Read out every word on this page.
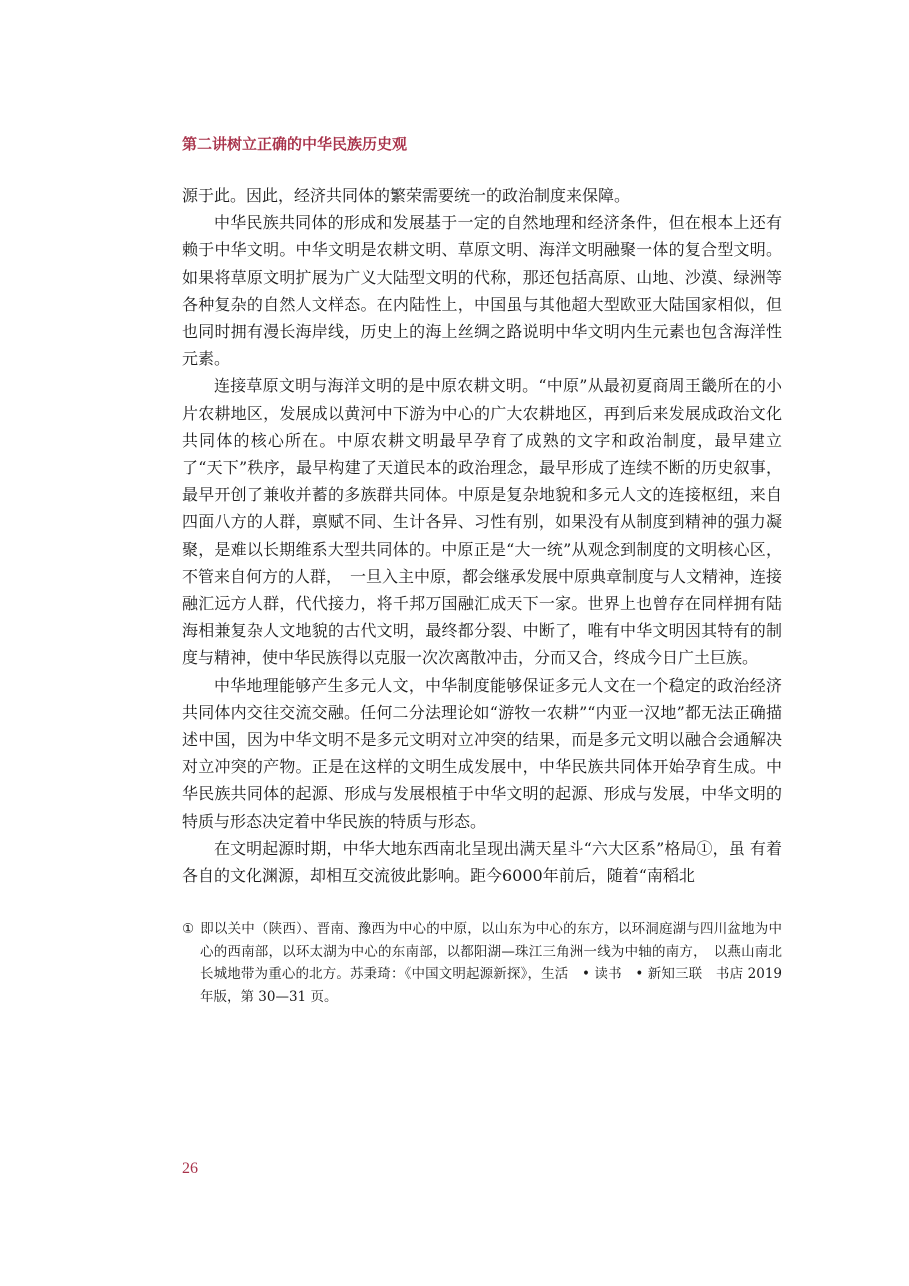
第二讲树立正确的中华民族历史观

源于此。因此，经济共同体的繁荣需要统一的政治制度来保障。

中华民族共同体的形成和发展基于一定的自然地理和经济条件，但在根本上还有赖于中华文明。中华文明是农耕文明、草原文明、海洋文明融聚一体的复合型文明。如果将草原文明扩展为广义大陆型文明的代称，那还包括高原、山地、沙漠、绿洲等各种复杂的自然人文样态。在内陆性上，中国虽与其他超大型欧亚大陆国家相似，但也同时拥有漫长海岸线，历史上的海上丝绸之路说明中华文明内生元素也包含海洋性元素。

连接草原文明与海洋文明的是中原农耕文明。“中原”从最初夏商周王畿所在的小片农耕地区，发展成以黄河中下游为中心的广大农耕地区，再到后来发展成政治文化共同体的核心所在。中原农耕文明最早孕育了成熟的文字和政治制度，最早建立了“天下”秩序，最早构建了天道民本的政治理念，最早形成了连续不断的历史叙事，最早开创了兼收并蓄的多族群共同体。中原是复杂地貌和多元人文的连接枢纽，来自四面八方的人群，禀赋不同、生计各异、习性有别，如果没有从制度到精神的强力凝聚，是难以长期维系大型共同体的。中原正是“大一统”从观念到制度的文明核心区，不管来自何方的人群，　一旦入主中原，都会继承发展中原典章制度与人文精神，连接融汇远方人群，代代接力，将千邦万国融汇成天下一家。世界上也曾存在同样拥有陆海相兼复杂人文地貌的古代文明，最终都分裂、中断了，唯有中华文明因其特有的制度与精神，使中华民族得以克服一次次离散冲击，分而又合，终成今日广土巨族。

中华地理能够产生多元人文，中华制度能够保证多元人文在一个稳定的政治经济共同体内交往交流交融。任何二分法理论如“游牧一农耕”“内亚一汉地”都无法正确描述中国，因为中华文明不是多元文明对立冲突的结果，而是多元文明以融合会通解决对立冲突的产物。正是在这样的文明生成发展中，中华民族共同体开始孕育生成。中华民族共同体的起源、形成与发展根植于中华文明的起源、形成与发展，中华文明的特质与形态决定着中华民族的特质与形态。

在文明起源时期，中华大地东西南北呈现出满天星斗“六大区系”格局①，虽 有着各自的文化渊源，却相互交流彼此影响。距今6000年前后，随着“南稻北

① 即以关中（陕西）、晋南、豫西为中心的中原，以山东为中心的东方，以环洞庭湖与四川盆地为中心的西南部，以环太湖为中心的东南部，以都阳湖—珠江三角洲一线为中轴的南方，　以燕山南北长城地带为重心的北方。苏秉琦：《中国文明起源新探》，生活　• 读书　• 新知三联　书店 2019 年版，第 30—31 页。

26
